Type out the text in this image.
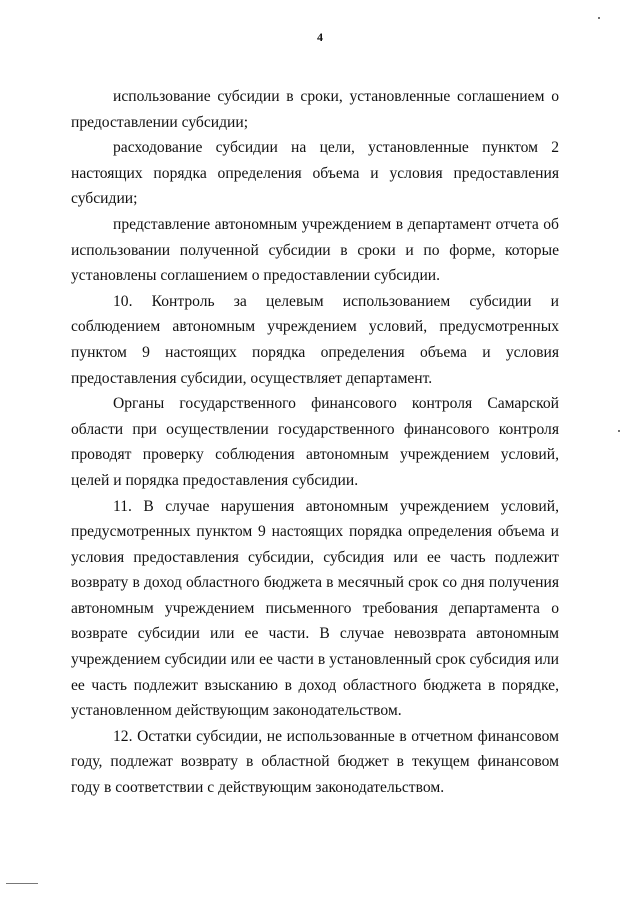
4

использование субсидии в сроки, установленные соглашением о предоставлении субсидии;

расходование субсидии на цели, установленные пунктом 2 настоящих порядка определения объема и условия предоставления субсидии;

представление автономным учреждением в департамент отчета об использовании полученной субсидии в сроки и по форме, которые установлены соглашением о предоставлении субсидии.

10. Контроль за целевым использованием субсидии и соблюдением автономным учреждением условий, предусмотренных пунктом 9 настоящих порядка определения объема и условия предоставления субсидии, осуществляет департамент.

Органы государственного финансового контроля Самарской области при осуществлении государственного финансового контроля проводят проверку соблюдения автономным учреждением условий, целей и порядка предоставления субсидии.

11. В случае нарушения автономным учреждением условий, предусмотренных пунктом 9 настоящих порядка определения объема и условия предоставления субсидии, субсидия или ее часть подлежит возврату в доход областного бюджета в месячный срок со дня получения автономным учреждением письменного требования департамента о возврате субсидии или ее части. В случае невозврата автономным учреждением субсидии или ее части в установленный срок субсидия или ее часть подлежит взысканию в доход областного бюджета в порядке, установленном действующим законодательством.

12. Остатки субсидии, не использованные в отчетном финансовом году, подлежат возврату в областной бюджет в текущем финансовом году в соответствии с действующим законодательством.
